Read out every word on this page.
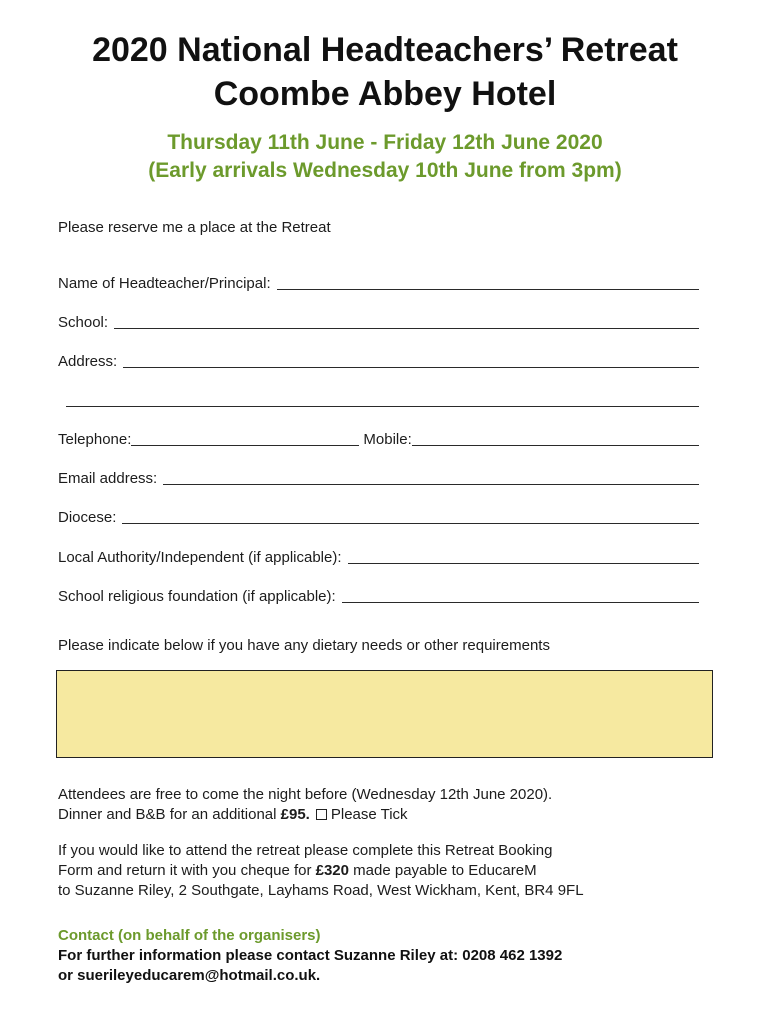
2020 National Headteachers’ Retreat
Coombe Abbey Hotel
Thursday 11th June - Friday 12th June 2020
(Early arrivals Wednesday 10th June from 3pm)
Please reserve me a place at the Retreat
Name of Headteacher/Principal:
School:
Address:
Telephone:	Mobile:
Email address:
Diocese:
Local Authority/Independent (if applicable):
School religious foundation (if applicable):
Please indicate below if you have any dietary needs or other requirements
Attendees are free to come the night before (Wednesday 12th June 2020).
Dinner and B&B for an additional £95. Please Tick
If you would like to attend the retreat please complete this Retreat Booking
Form and return it with you cheque for £320 made payable to EducareM
to Suzanne Riley, 2 Southgate, Layhams Road, West Wickham, Kent, BR4 9FL
Contact (on behalf of the organisers)
For further information please contact Suzanne Riley at: 0208 462 1392
or suerileyeducarem@hotmail.co.uk.
